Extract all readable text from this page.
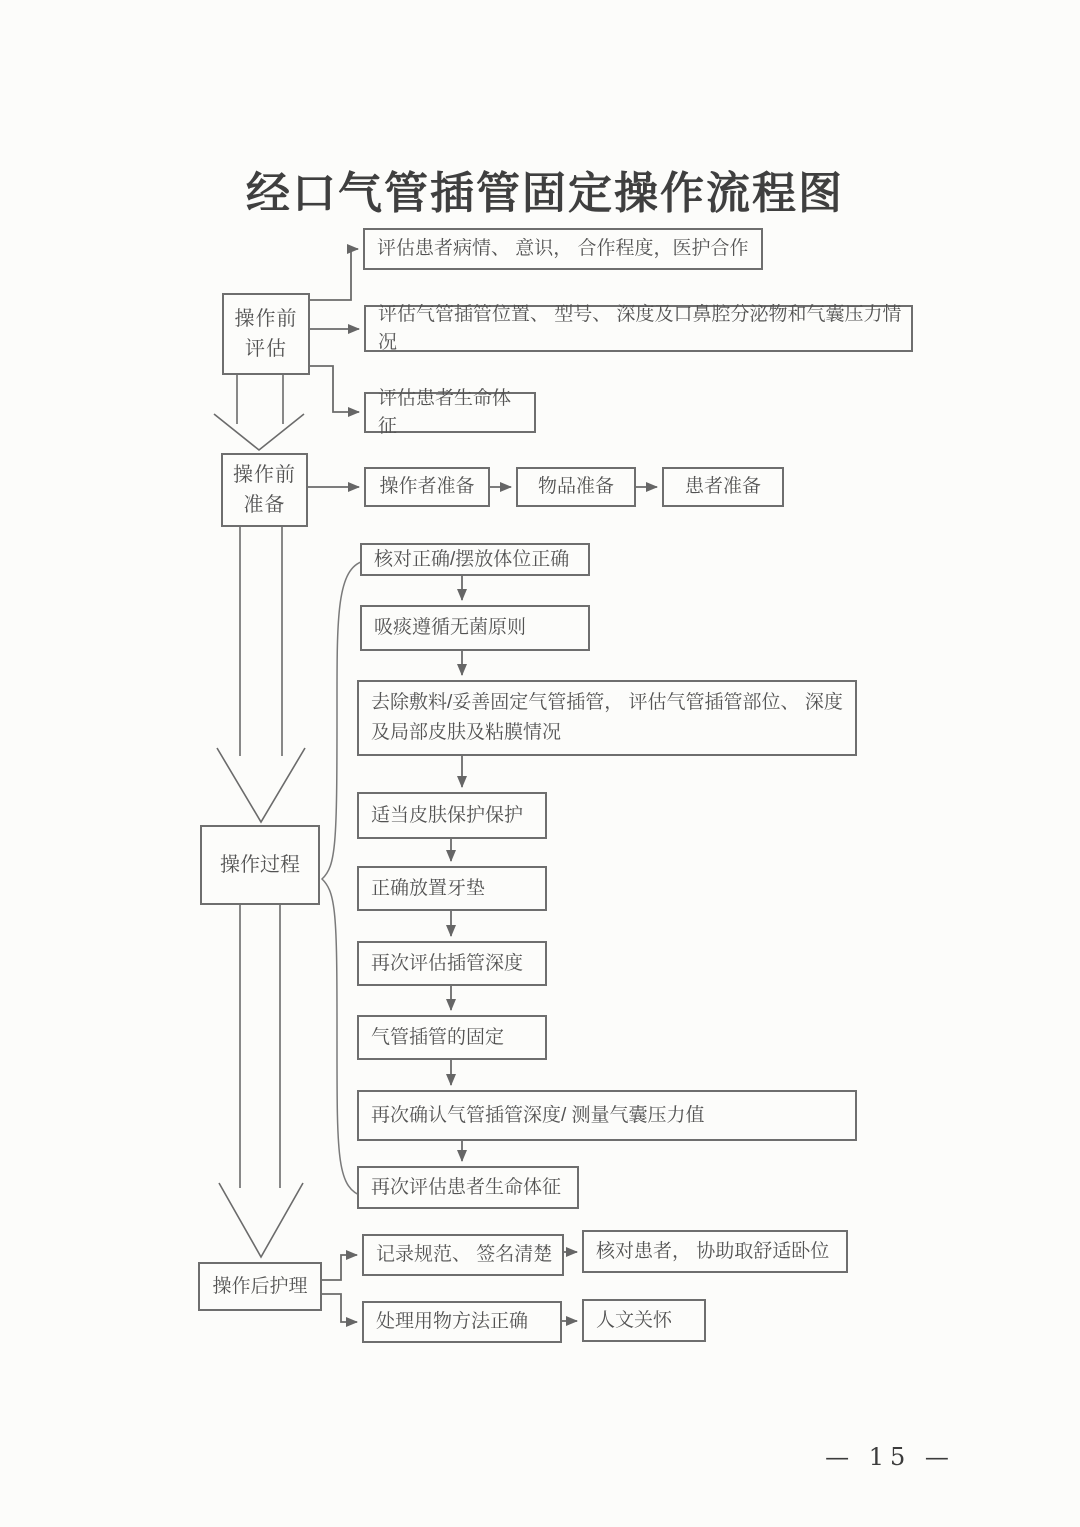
经口气管插管固定操作流程图
操作前
评估
评估患者病情、 意识， 合作程度，医护合作
评估气管插管位置、 型号、 深度及口鼻腔分泌物和气囊压力情况
评估患者生命体征
操作前
准备
操作者准备	物品准备	患者准备
核对正确/摆放体位正确
吸痰遵循无菌原则
去除敷料/妥善固定气管插管， 评估气管插管部位、 深度及局部皮肤及粘膜情况
适当皮肤保护保护
正确放置牙垫
再次评估插管深度
气管插管的固定
再次确认气管插管深度/ 测量气囊压力值
再次评估患者生命体征
操作过程
操作后护理
记录规范、 签名清楚	核对患者， 协助取舒适卧位
处理用物方法正确	人文关怀
— 15 —
